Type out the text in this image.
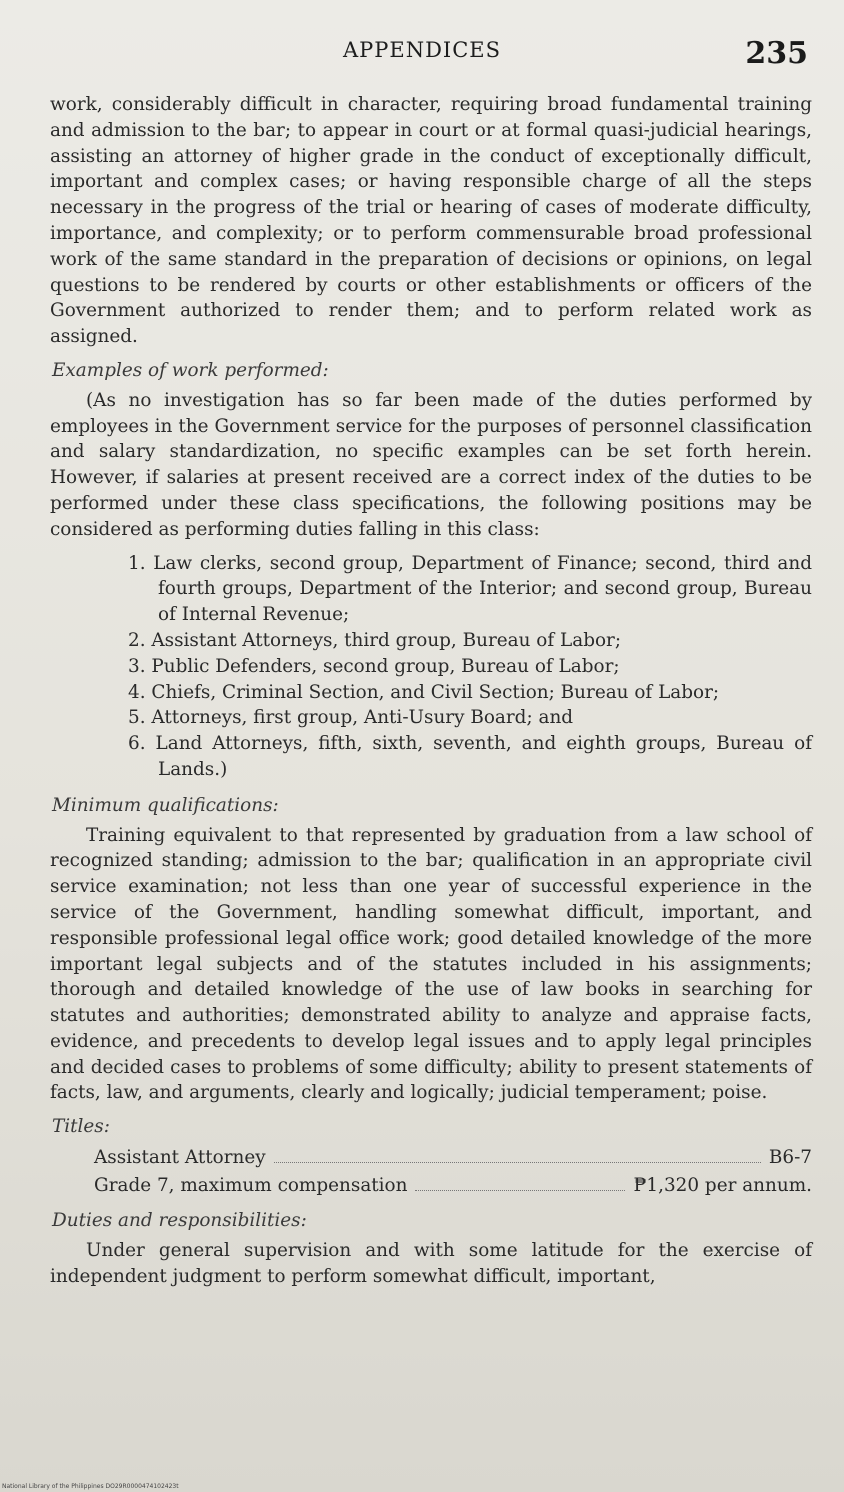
APPENDICES	235

work, considerably difficult in character, requiring broad fundamental training and admission to the bar; to appear in court or at formal quasi-judicial hearings, assisting an attorney of higher grade in the conduct of exceptionally difficult, important and complex cases; or having responsible charge of all the steps necessary in the progress of the trial or hearing of cases of moderate difficulty, importance, and complexity; or to perform commensurable broad professional work of the same standard in the preparation of decisions or opinions, on legal questions to be rendered by courts or other establishments or officers of the Government authorized to render them; and to perform related work as assigned.

Examples of work performed:

(As no investigation has so far been made of the duties performed by employees in the Government service for the purposes of personnel classification and salary standardization, no specific examples can be set forth herein. However, if salaries at present received are a correct index of the duties to be performed under these class specifications, the following positions may be considered as performing duties falling in this class:

1. Law clerks, second group, Department of Finance; second, third and fourth groups, Department of the Interior; and second group, Bureau of Internal Revenue;
2. Assistant Attorneys, third group, Bureau of Labor;
3. Public Defenders, second group, Bureau of Labor;
4. Chiefs, Criminal Section, and Civil Section; Bureau of Labor;
5. Attorneys, first group, Anti-Usury Board; and
6. Land Attorneys, fifth, sixth, seventh, and eighth groups, Bureau of Lands.)
Minimum qualifications:

Training equivalent to that represented by graduation from a law school of recognized standing; admission to the bar; qualification in an appropriate civil service examination; not less than one year of successful experience in the service of the Government, handling somewhat difficult, important, and responsible professional legal office work; good detailed knowledge of the more important legal subjects and of the statutes included in his assignments; thorough and detailed knowledge of the use of law books in searching for statutes and authorities; demonstrated ability to analyze and appraise facts, evidence, and precedents to develop legal issues and to apply legal principles and decided cases to problems of some difficulty; ability to present statements of facts, law, and arguments, clearly and logically; judicial temperament; poise.

Titles:
Assistant Attorney	B6-7
Grade 7, maximum compensation	₱1,320 per annum.
Duties and responsibilities:

Under general supervision and with some latitude for the exercise of independent judgment to perform somewhat difficult, important,

National Library of the Philippines DO29R0000474102423t
